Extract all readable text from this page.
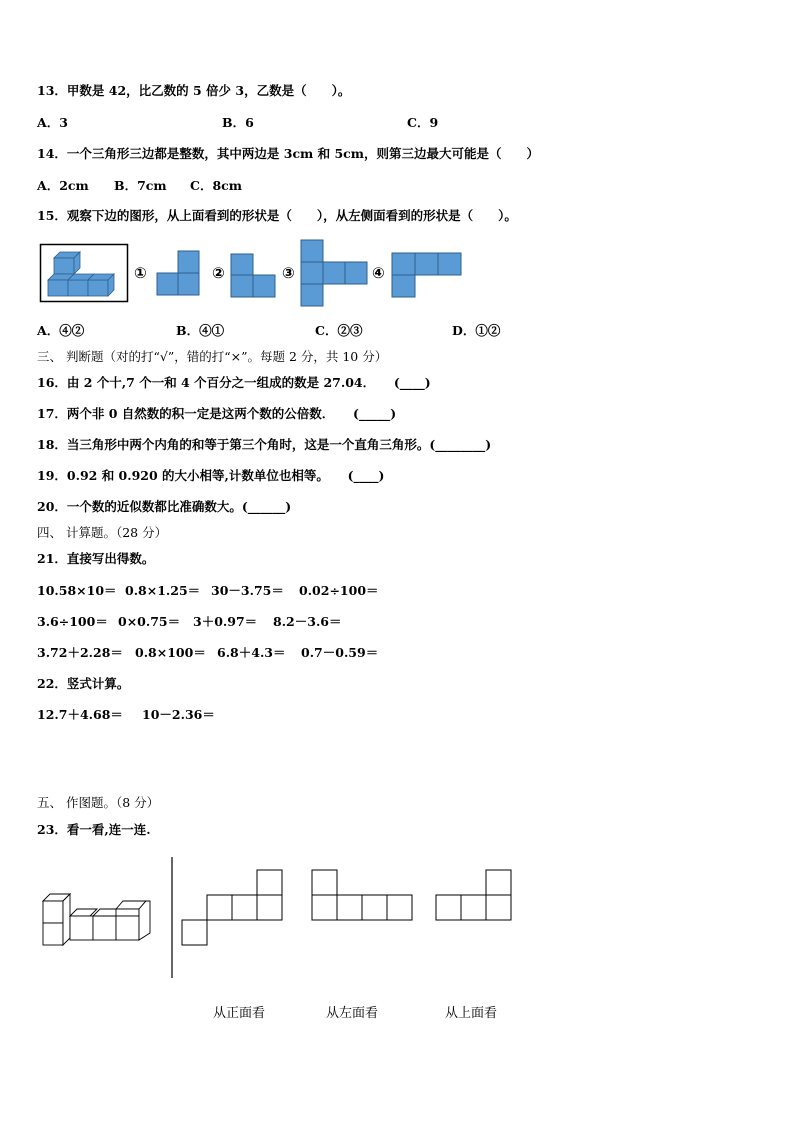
13．甲数是 42，比乙数的 5 倍少 3，乙数是（　　）。
A．3	B．6	C．9
14．一个三角形三边都是整数，其中两边是 3cm 和 5cm，则第三边最大可能是（　　）
A．2cm B．7cm C．8cm
15．观察下边的图形，从上面看到的形状是（　　），从左侧面看到的形状是（　　）。
①	②	③	④
A．④②	B．④①	C．②③	D．①②
三、 判断题（对的打“√”，错的打“×”。每题 2 分，共 10 分）
16．由 2 个十,7 个一和 4 个百分之一组成的数是 27.04．　　(____)
17．两个非 0 自然数的积一定是这两个数的公倍数．　　(_____)
18．当三角形中两个内角的和等于第三个角时，这是一个直角三角形。(________)
19．0.92 和 0.920 的大小相等,计数单位也相等。　　(____)
20．一个数的近似数都比准确数大。(______)
四、 计算题。（28 分）
21．直接写出得数。
10.58×10＝ 0.8×1.25＝ 30－3.75＝ 0.02÷100＝
3.6÷100＝ 0×0.75＝ 3＋0.97＝ 8.2－3.6＝
3.72＋2.28＝ 0.8×100＝ 6.8＋4.3＝ 0.7－0.59＝
22．竖式计算。
12.7＋4.68＝ 10－2.36＝
五、 作图题。（8 分）
23．看一看,连一连.
从正面看	从左面看	从上面看
